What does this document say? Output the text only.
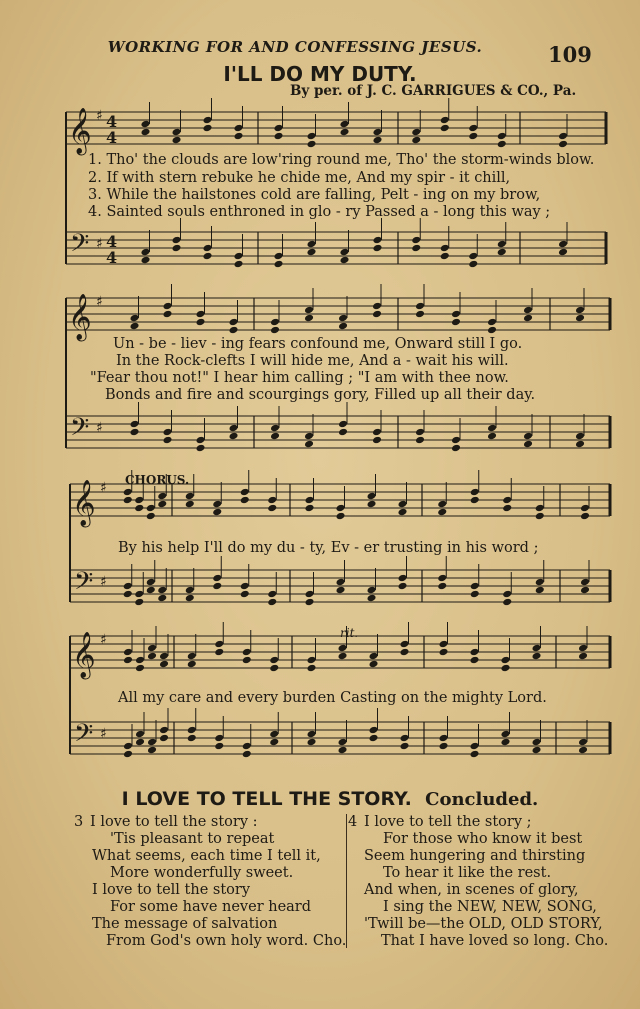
WORKING FOR AND CONFESSING JESUS.	109
I'LL DO MY DUTY.
By per. of J. C. GARRIGUES & CO., Pa.
𝄞
𝄢
♯
♯
4
4
4
4
𝄞
𝄢
♯
♯
𝄞
𝄢
♯
♯
𝄞
𝄢
♯
♯
1. Tho' the clouds are low'ring round me, Tho' the storm-winds blow.
2. If with stern rebuke he chide me, And my spir - it chill,
3. While the hailstones cold are falling, Pelt - ing on my brow,
4. Sainted souls enthroned in glo - ry Passed a - long this way ;
Un - be - liev - ing fears confound me, Onward still I go.
In the Rock-clefts I will hide me, And a - wait his will.
"Fear thou not!" I hear him calling ; "I am with thee now.
Bonds and fire and scourgings gory, Filled up all their day.
CHORUS.
By his help I'll do my du - ty, Ev - er trusting in his word ;
rit.
All my care and every burden Casting on the mighty Lord.
I LOVE TO TELL THE STORY. Concluded.
3 I love to tell the story :
'Tis pleasant to repeat
What seems, each time I tell it,
More wonderfully sweet.
I love to tell the story
For some have never heard
The message of salvation
From God's own holy word. Cho.
4 I love to tell the story ;
For those who know it best
Seem hungering and thirsting
To hear it like the rest.
And when, in scenes of glory,
I sing the NEW, NEW, SONG,
'Twill be—the OLD, OLD STORY,
That I have loved so long. Cho.
